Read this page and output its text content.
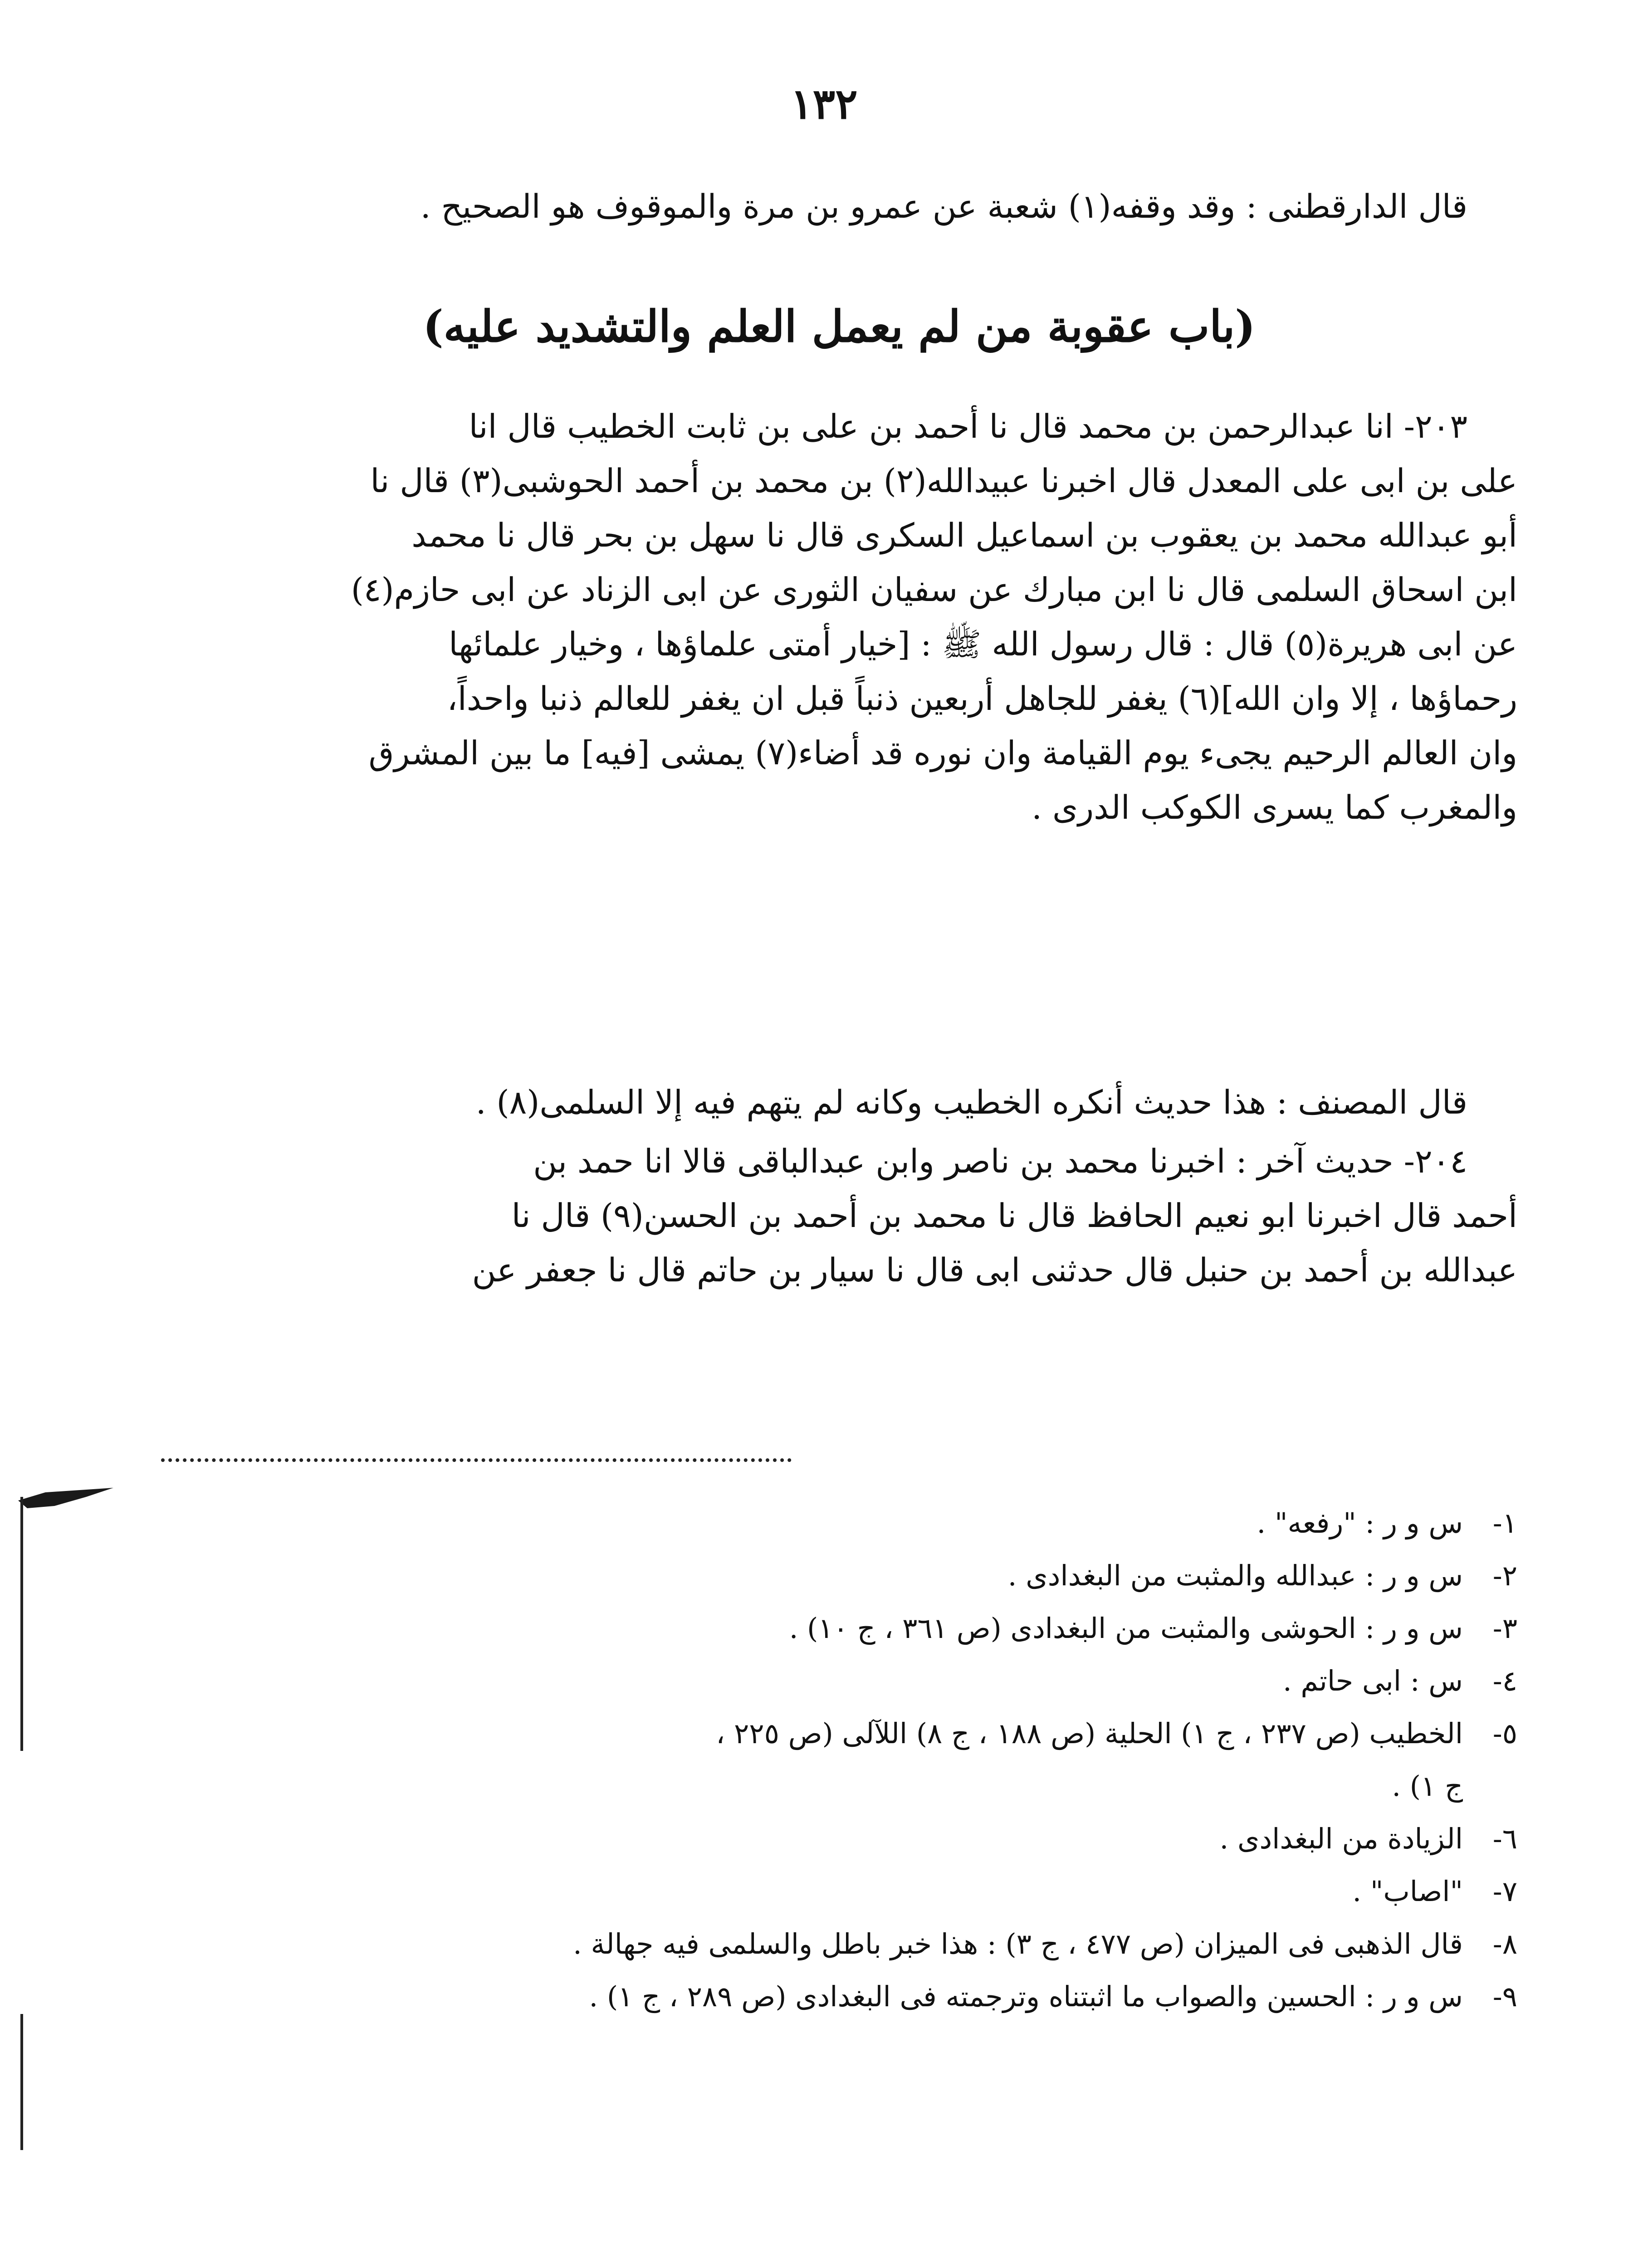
١٣٢
قال الدارقطنى : وقد وقفه(١) شعبة عن عمرو بن مرة والموقوف هو الصحيح .
(باب عقوبة من لم يعمل العلم والتشديد عليه)
٢٠٣- انا عبدالرحمن بن محمد قال نا أحمد بن على بن ثابت الخطيب قال انا
على بن ابى على المعدل قال اخبرنا عبيدالله(٢) بن محمد بن أحمد الحوشبى(٣) قال نا
أبو عبدالله محمد بن يعقوب بن اسماعيل السكرى قال نا سهل بن بحر قال نا محمد
ابن اسحاق السلمى قال نا ابن مبارك عن سفيان الثورى عن ابى الزناد عن ابى حازم(٤)
عن ابى هريرة(٥) قال : قال رسول الله ﷺ : [خيار أمتى علماؤها ، وخيار علمائها
رحماؤها ، إلا وان الله](٦) يغفر للجاهل أربعين ذنباً قبل ان يغفر للعالم ذنبا واحداً،
وان العالم الرحيم يجىء يوم القيامة وان نوره قد أضاء(٧) يمشى [فيه] ما بين المشرق
والمغرب كما يسرى الكوكب الدرى .
قال المصنف : هذا حديث أنكره الخطيب وكانه لم يتهم فيه إلا السلمى(٨) .
٢٠٤- حديث آخر : اخبرنا محمد بن ناصر وابن عبدالباقى قالا انا حمد بن
أحمد قال اخبرنا ابو نعيم الحافظ قال نا محمد بن أحمد بن الحسن(٩) قال نا
عبدالله بن أحمد بن حنبل قال حدثنى ابى قال نا سيار بن حاتم قال نا جعفر عن
١-س و ر : "رفعه" .
٢-س و ر : عبدالله والمثبت من البغدادى .
٣-س و ر : الحوشى والمثبت من البغدادى (ص ٣٦١ ، ج ١٠) .
٤-س : ابى حاتم .
٥-الخطيب (ص ٢٣٧ ، ج ١) الحلية (ص ١٨٨ ، ج ٨) اللآلى (ص ٢٢٥ ،
ج ١) .
٦-الزيادة من البغدادى .
٧-"اصاب" .
٨-قال الذهبى فى الميزان (ص ٤٧٧ ، ج ٣) : هذا خبر باطل والسلمى فيه جهالة .
٩-س و ر : الحسين والصواب ما اثبتناه وترجمته فى البغدادى (ص ٢٨٩ ، ج ١) .
